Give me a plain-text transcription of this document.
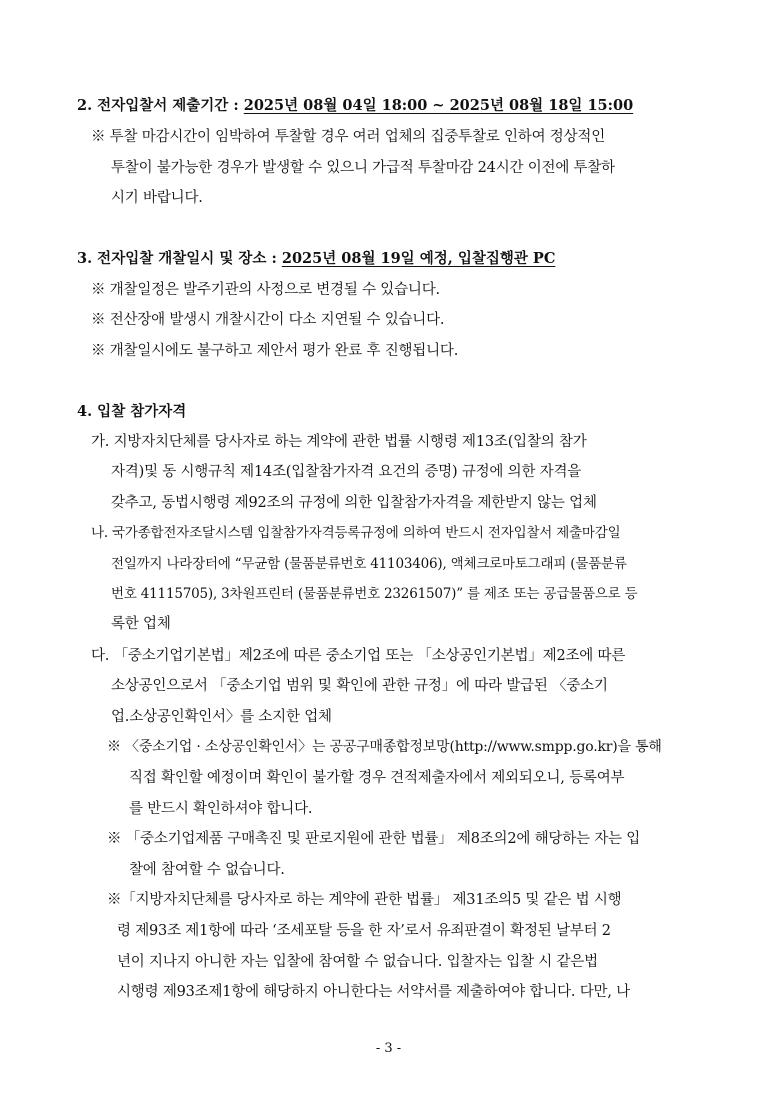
2. 전자입찰서 제출기간 : 2025년 08월 04일 18:00 ~ 2025년 08월 18일 15:00
※ 투찰 마감시간이 임박하여 투찰할 경우 여러 업체의 집중투찰로 인하여 정상적인
투찰이 불가능한 경우가 발생할 수 있으니 가급적 투찰마감 24시간 이전에 투찰하
시기 바랍니다.
3. 전자입찰 개찰일시 및 장소 : 2025년 08월 19일 예정, 입찰집행관 PC
※ 개찰일정은 발주기관의 사정으로 변경될 수 있습니다.
※ 전산장애 발생시 개찰시간이 다소 지연될 수 있습니다.
※ 개찰일시에도 불구하고 제안서 평가 완료 후 진행됩니다.
4. 입찰 참가자격
가. 지방자치단체를 당사자로 하는 계약에 관한 법률 시행령 제13조(입찰의 참가
자격)및 동 시행규칙 제14조(입찰참가자격 요건의 증명) 규정에 의한 자격을
갖추고, 동법시행령 제92조의 규정에 의한 입찰참가자격을 제한받지 않는 업체
나. 국가종합전자조달시스템 입찰참가자격등록규정에 의하여 반드시 전자입찰서 제출마감일
전일까지 나라장터에 “무균함 (물품분류번호 41103406), 액체크로마토그래피 (물품분류
번호 41115705), 3차원프린터 (물품분류번호 23261507)” 를 제조 또는 공급물품으로 등
록한 업체
다. 「중소기업기본법」제2조에 따른 중소기업 또는 「소상공인기본법」제2조에 따른
소상공인으로서 「중소기업 범위 및 확인에 관한 규정」에 따라 발급된 〈중소기
업.소상공인확인서〉를 소지한 업체
※ 〈중소기업 · 소상공인확인서〉는 공공구매종합정보망(http://www.smpp.go.kr)을 통해
직접 확인할 예정이며 확인이 불가할 경우 견적제출자에서 제외되오니, 등록여부
를 반드시 확인하셔야 합니다.
※ 「중소기업제품 구매촉진 및 판로지원에 관한 법률」 제8조의2에 해당하는 자는 입
찰에 참여할 수 없습니다.
※「지방자치단체를 당사자로 하는 계약에 관한 법률」 제31조의5 및 같은 법 시행
령 제93조 제1항에 따라 ‘조세포탈 등을 한 자’로서 유죄판결이 확정된 날부터 2
년이 지나지 아니한 자는 입찰에 참여할 수 없습니다. 입찰자는 입찰 시 같은법
시행령 제93조제1항에 해당하지 아니한다는 서약서를 제출하여야 합니다. 다만, 나
- 3 -
